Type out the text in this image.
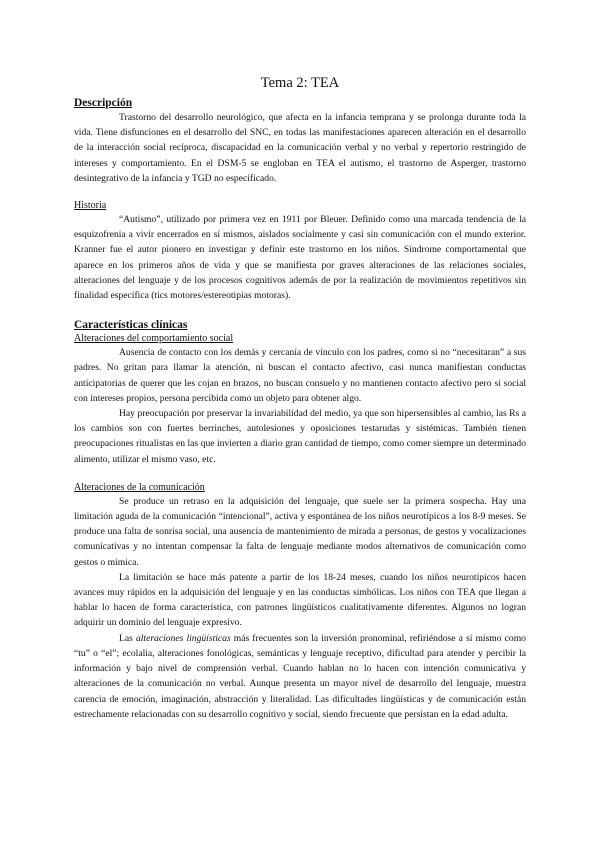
Tema 2: TEA
Descripción

Trastorno del desarrollo neurológico, que afecta en la infancia temprana y se prolonga durante toda la vida. Tiene disfunciones en el desarrollo del SNC, en todas las manifestaciones aparecen alteración en el desarrollo de la interacción social recíproca, discapacidad en la comunicación verbal y no verbal y repertorio restringido de intereses y comportamiento. En el DSM-5 se engloban en TEA el autismo, el trastorno de Asperger, trastorno desintegrativo de la infancia y TGD no especificado.

Historia

“Autismo”, utilizado por primera vez en 1911 por Bleuer. Definido como una marcada tendencia de la esquizofrenia a vivir encerrados en sí mismos, aislados socialmente y casi sin comunicación con el mundo exterior. Kranner fue el autor pionero en investigar y definir este trastorno en los niños. Síndrome comportamental que aparece en los primeros años de vida y que se manifiesta por graves alteraciones de las relaciones sociales, alteraciones del lenguaje y de los procesos cognitivos además de por la realización de movimientos repetitivos sin finalidad específica (tics motores/estereotipias motoras).

Características clínicas
Alteraciones del comportamiento social

Ausencia de contacto con los demás y cercanía de vínculo con los padres, como si no “necesitaran” a sus padres. No gritan para llamar la atención, ni buscan el contacto afectivo, casi nunca manifiestan conductas anticipatorias de querer que les cojan en brazos, no buscan consuelo y no mantienen contacto afectivo pero sí social con intereses propios, persona percibida como un objeto para obtener algo.

Hay preocupación por preservar la invariabilidad del medio, ya que son hipersensibles al cambio, las Rs a los cambios son con fuertes berrinches, autolesiones y oposiciones testarudas y sistémicas. También tienen preocupaciones ritualistas en las que invierten a diario gran cantidad de tiempo, como comer siempre un determinado alimento, utilizar el mismo vaso, etc.

Alteraciones de la comunicación

Se produce un retraso en la adquisición del lenguaje, que suele ser la primera sospecha. Hay una limitación aguda de la comunicación “intencional”, activa y espontánea de los niños neurotípicos a los 8-9 meses. Se produce una falta de sonrisa social, una ausencia de mantenimiento de mirada a personas, de gestos y vocalizaciones comunicativas y no intentan compensar la falta de lenguaje mediante modos alternativos de comunicación como gestos o mímica.

La limitación se hace más patente a partir de los 18-24 meses, cuando los niños neurotípicos hacen avances muy rápidos en la adquisición del lenguaje y en las conductas simbólicas. Los niños con TEA que llegan a hablar lo hacen de forma característica, con patrones lingüísticos cualitativamente diferentes. Algunos no logran adquirir un dominio del lenguaje expresivo.

Las alteraciones lingüísticas más frecuentes son la inversión pronominal, refiriéndose a sí mismo como “tu” o “el”; ecolalia, alteraciones fonológicas, semánticas y lenguaje receptivo, dificultad para atender y percibir la información y bajo nivel de comprensión verbal. Cuando hablan no lo hacen con intención comunicativa y alteraciones de la comunicación no verbal. Aunque presenta un mayor nivel de desarrollo del lenguaje, muestra carencia de emoción, imaginación, abstracción y literalidad. Las dificultades lingüísticas y de comunicación están estrechamente relacionadas con su desarrollo cognitivo y social, siendo frecuente que persistan en la edad adulta.
